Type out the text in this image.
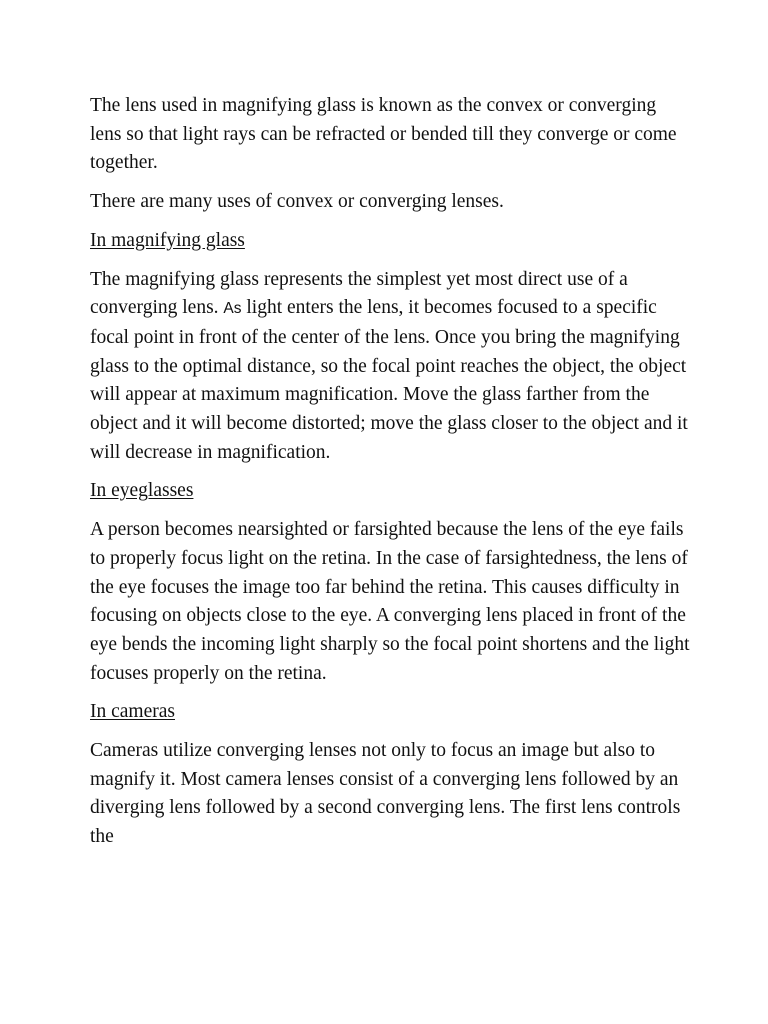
The lens used in magnifying glass is known as the convex or converging lens so that light rays can be refracted or bended till they converge or come together.

There are many uses of convex or converging lenses.

In magnifying glass

The magnifying glass represents the simplest yet most direct use of a converging lens. As light enters the lens, it becomes focused to a specific focal point in front of the center of the lens. Once you bring the magnifying glass to the optimal distance, so the focal point reaches the object, the object will appear at maximum magnification. Move the glass farther from the object and it will become distorted; move the glass closer to the object and it will decrease in magnification.

In eyeglasses

A person becomes nearsighted or farsighted because the lens of the eye fails to properly focus light on the retina. In the case of farsightedness, the lens of the eye focuses the image too far behind the retina. This causes difficulty in focusing on objects close to the eye. A converging lens placed in front of the eye bends the incoming light sharply so the focal point shortens and the light focuses properly on the retina.

In cameras

Cameras utilize converging lenses not only to focus an image but also to magnify it. Most camera lenses consist of a converging lens followed by an diverging lens followed by a second converging lens. The first lens controls the
